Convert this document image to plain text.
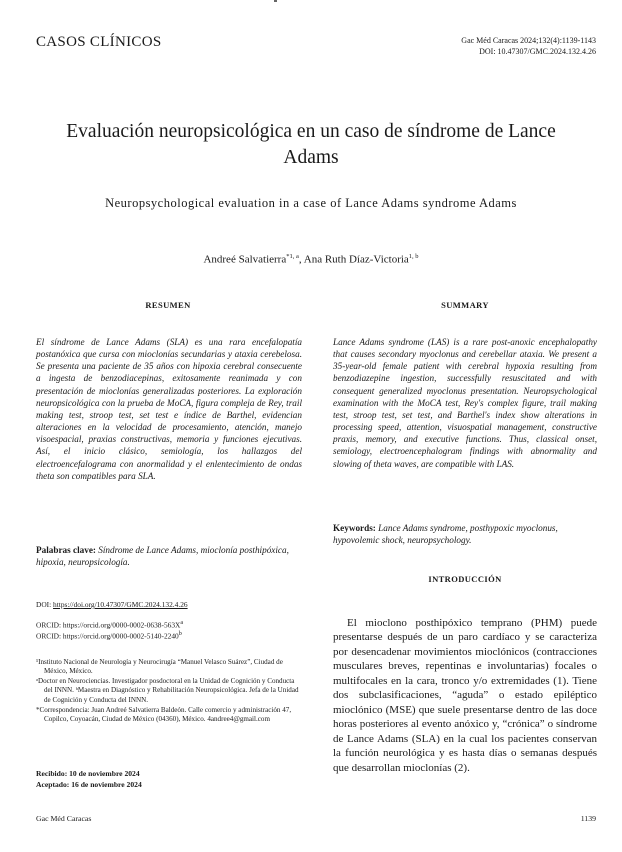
CASOS CLÍNICOS	Gac Méd Caracas 2024;132(4):1139-1143
DOI: 10.47307/GMC.2024.132.4.26
Evaluación neuropsicológica en un caso de síndrome de Lance Adams
Neuropsychological evaluation in a case of Lance Adams syndrome Adams
Andreé Salvatierra$^{*1, a}$, Ana Ruth Díaz-Victoria$^{1, b}$
RESUMEN	SUMMARY
El síndrome de Lance Adams (SLA) es una rara encefalopatía postanóxica que cursa con mioclonías secundarias y ataxia cerebelosa. Se presenta una paciente de 35 años con hipoxia cerebral consecuente a ingesta de benzodiacepinas, exitosamente reanimada y con presentación de mioclonías generalizadas posteriores. La exploración neuropsicológica con la prueba de MoCA, figura compleja de Rey, trail making test, stroop test, set test e índice de Barthel, evidencian alteraciones en la velocidad de procesamiento, atención, manejo visoespacial, praxias constructivas, memoria y funciones ejecutivas. Así, el inicio clásico, semiología, los hallazgos del electroencefalograma con anormalidad y el enlentecimiento de ondas theta son compatibles para SLA.
Lance Adams syndrome (LAS) is a rare post-anoxic encephalopathy that causes secondary myoclonus and cerebellar ataxia. We present a 35-year-old female patient with cerebral hypoxia resulting from benzodiazepine ingestion, successfully resuscitated and with consequent generalized myoclonus presentation. Neuropsychological examination with the MoCA test, Rey's complex figure, trail making test, stroop test, set test, and Barthel's index show alterations in processing speed, attention, visuospatial management, constructive praxis, memory, and executive functions. Thus, classical onset, semiology, electroencephalogram findings with abnormality and slowing of theta waves, are compatible with LAS.
Palabras clave: Síndrome de Lance Adams, mioclonía posthipóxica, hipoxia, neuropsicología.
Keywords: Lance Adams syndrome, posthypoxic myoclonus, hypovolemic shock, neuropsychology.
INTRODUCCIÓN
El mioclono posthipóxico temprano (PHM) puede presentarse después de un paro cardíaco y se caracteriza por desencadenar movimientos mioclónicos (contracciones musculares breves, repentinas e involuntarias) focales o multifocales en la cara, tronco y/o extremidades (1). Tiene dos subclasificaciones, “aguda” o estado epiléptico mioclónico (MSE) que suele presentarse dentro de las doce horas posteriores al evento anóxico y, “crónica” o síndrome de Lance Adams (SLA) en la cual los pacientes conservan la función neurológica y es hasta días o semanas después que desarrollan mioclonías (2).
DOI: https://doi.org/10.47307/GMC.2024.132.4.26
ORCID: $https://orcid.org/0000-0002-0638-563X^a$
ORCID: https://orcid.org/0000-0002-5140-2240$^b$

¹Instituto Nacional de Neurología y Neurocirugía “Manuel Velasco Suárez”, Ciudad de México, México.

ᵃDoctor en Neurociencias. Investigador posdoctoral en la Unidad de Cognición y Conducta del INNN. ᵇMaestra en Diagnóstico y Rehabilitación Neuropsicológica. Jefa de la Unidad de Cognición y Conducta del INNN.

*Correspondencia: Juan Andreé Salvatierra Baldeón. Calle comercio y administración 47, Copilco, Coyoacán, Ciudad de México (04360), México. 4andree4@gmail.com

Recibido: 10 de noviembre 2024
Aceptado: 16 de noviembre 2024
Gac Méd Caracas	1139
